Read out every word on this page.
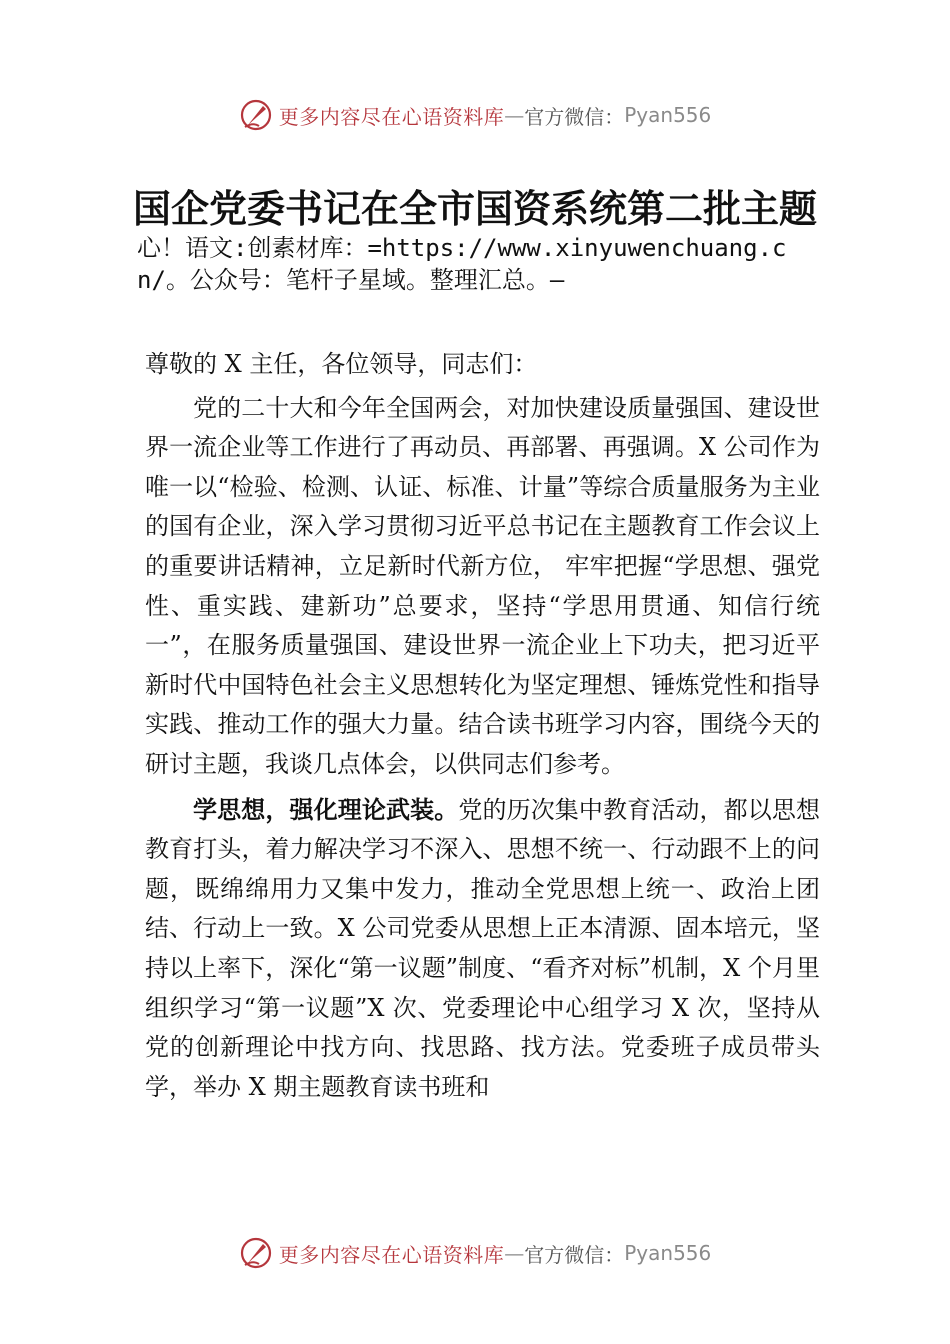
更多内容尽在心语资料库 — 官方微信： Pyan556
国企党委书记在全市国资系统第二批主题
心！语文:创素材库：=https://www.xinyuwenchuang.cn/。公众号：笔杆子星域。整理汇总。—

尊敬的 X 主任，各位领导，同志们：

党的二十大和今年全国两会，对加快建设质量强国、建设世界一流企业等工作进行了再动员、再部署、再强调。X 公司作为唯一以“检验、检测、认证、标准、计量”等综合质量服务为主业的国有企业，深入学习贯彻习近平总书记在主题教育工作会议上的重要讲话精神，立足新时代新方位， 牢牢把握“学思想、强党性、重实践、建新功”总要求，坚持“学思用贯通、知信行统一”，在服务质量强国、建设世界一流企业上下功夫，把习近平新时代中国特色社会主义思想转化为坚定理想、锤炼党性和指导实践、推动工作的强大力量。结合读书班学习内容，围绕今天的研讨主题，我谈几点体会，以供同志们参考。

学思想，强化理论武装。党的历次集中教育活动，都以思想教育打头，着力解决学习不深入、思想不统一、行动跟不上的问题，既绵绵用力又集中发力，推动全党思想上统一、政治上团结、行动上一致。X 公司党委从思想上正本清源、固本培元，坚持以上率下，深化“第一议题”制度、“看齐对标”机制，X 个月里组织学习“第一议题”X 次、党委理论中心组学习 X 次，坚持从党的创新理论中找方向、找思路、找方法。党委班子成员带头学，举办 X 期主题教育读书班和

更多内容尽在心语资料库 — 官方微信： Pyan556
